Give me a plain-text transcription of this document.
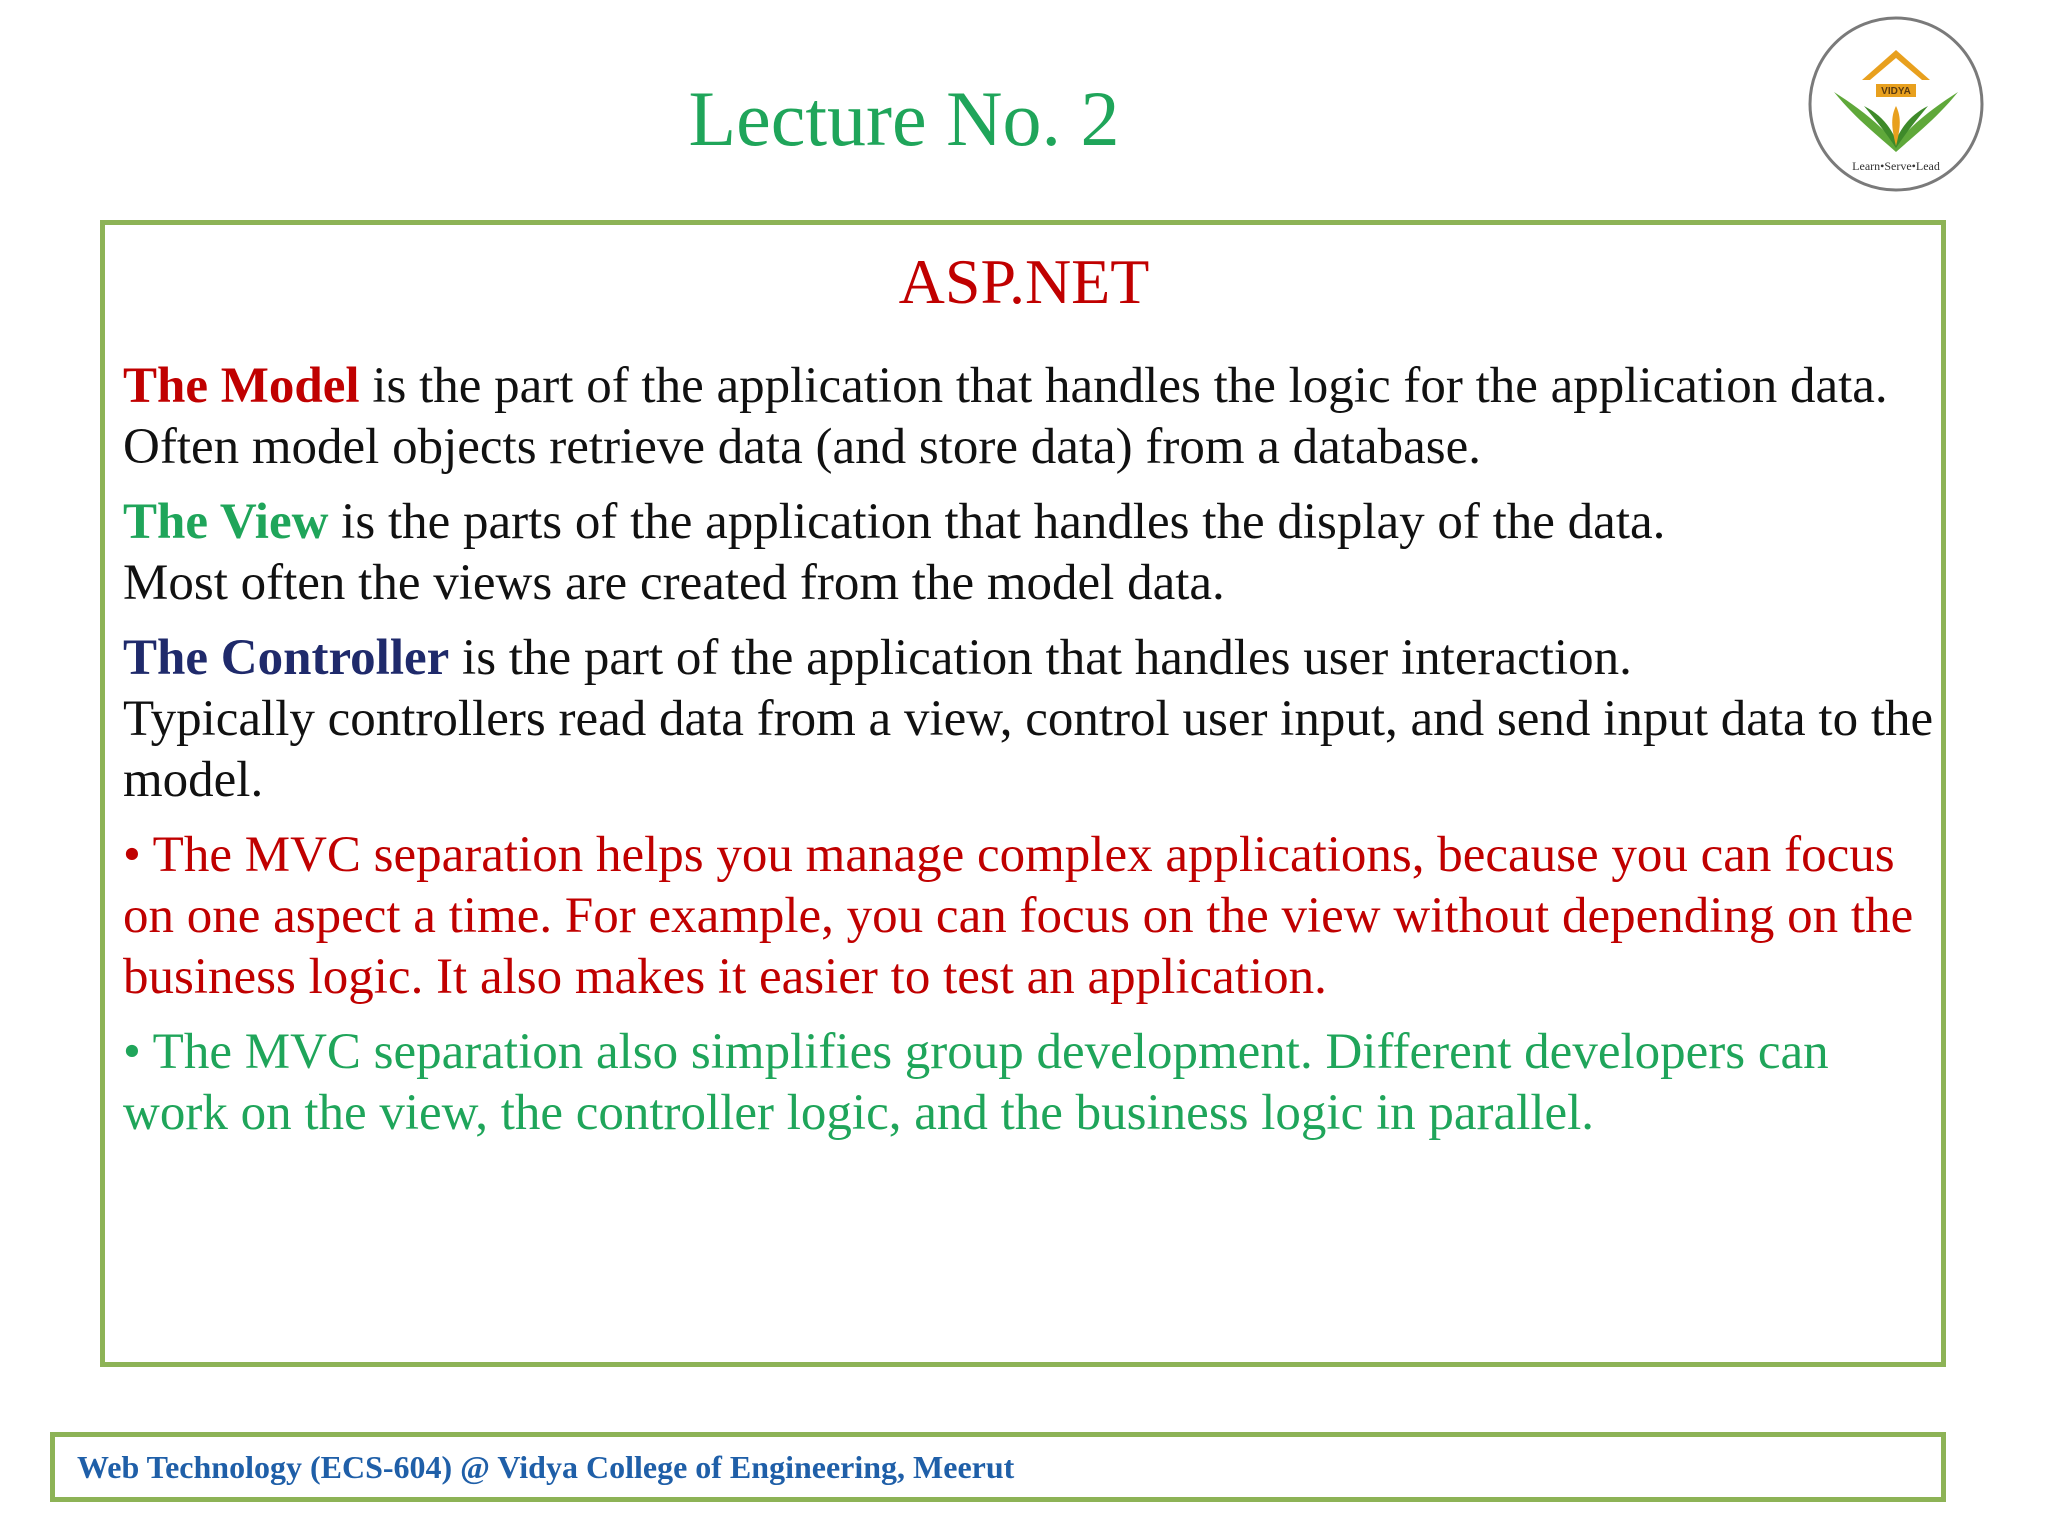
Lecture No. 2	VIDYA
Learn•Serve•Lead
ASP.NET

The Model is the part of the application that handles the logic for the application data.

Often model objects retrieve data (and store data) from a database.

The View is the parts of the application that handles the display of the data.

Most often the views are created from the model data.

The Controller is the part of the application that handles user interaction.

Typically controllers read data from a view, control user input, and send input data to the model.

• The MVC separation helps you manage complex applications, because you can focus on one aspect a time. For example, you can focus on the view without depending on the business logic. It also makes it easier to test an application.

• The MVC separation also simplifies group development. Different developers can work on the view, the controller logic, and the business logic in parallel.

Web Technology (ECS-604) @ Vidya College of Engineering, Meerut
